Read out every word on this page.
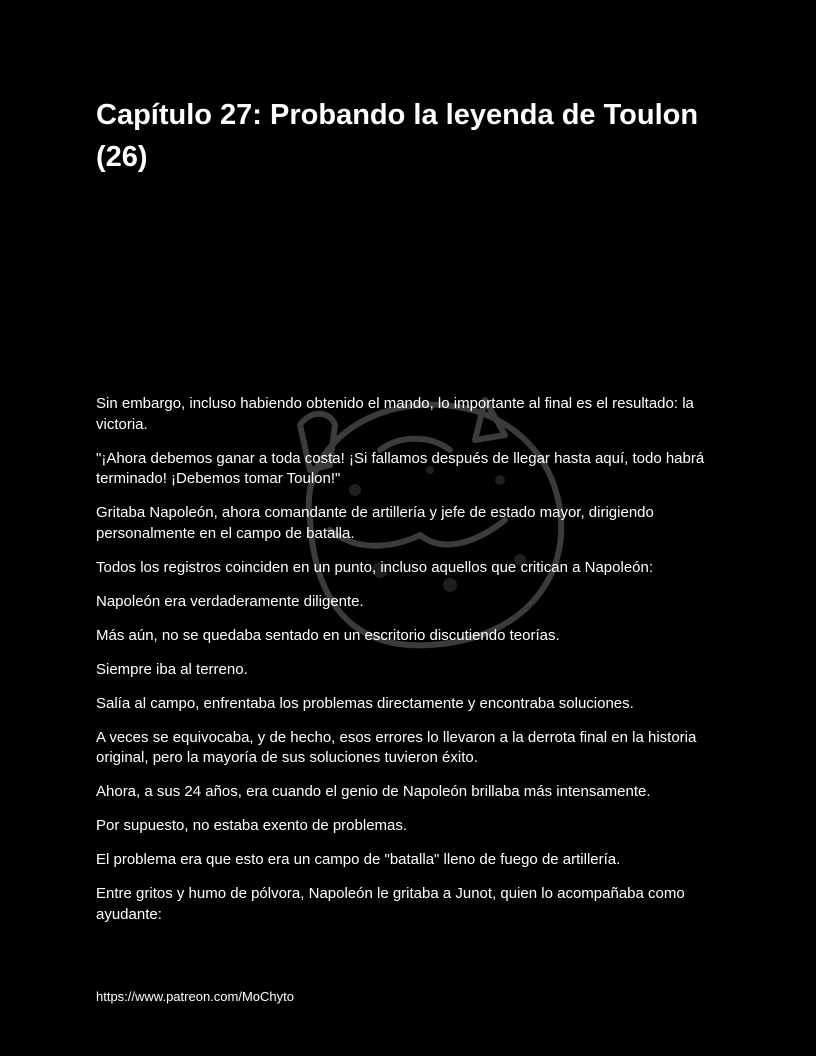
Capítulo 27: Probando la leyenda de Toulon (26)

Sin embargo, incluso habiendo obtenido el mando, lo importante al final es el resultado: la victoria.

"¡Ahora debemos ganar a toda costa! ¡Si fallamos después de llegar hasta aquí, todo habrá terminado! ¡Debemos tomar Toulon!"

Gritaba Napoleón, ahora comandante de artillería y jefe de estado mayor, dirigiendo personalmente en el campo de batalla.

Todos los registros coinciden en un punto, incluso aquellos que critican a Napoleón:

Napoleón era verdaderamente diligente.

Más aún, no se quedaba sentado en un escritorio discutiendo teorías.

Siempre iba al terreno.

Salía al campo, enfrentaba los problemas directamente y encontraba soluciones.

A veces se equivocaba, y de hecho, esos errores lo llevaron a la derrota final en la historia original, pero la mayoría de sus soluciones tuvieron éxito.

Ahora, a sus 24 años, era cuando el genio de Napoleón brillaba más intensamente.

Por supuesto, no estaba exento de problemas.

El problema era que esto era un campo de "batalla" lleno de fuego de artillería.

Entre gritos y humo de pólvora, Napoleón le gritaba a Junot, quien lo acompañaba como ayudante:

https://www.patreon.com/MoChyto
